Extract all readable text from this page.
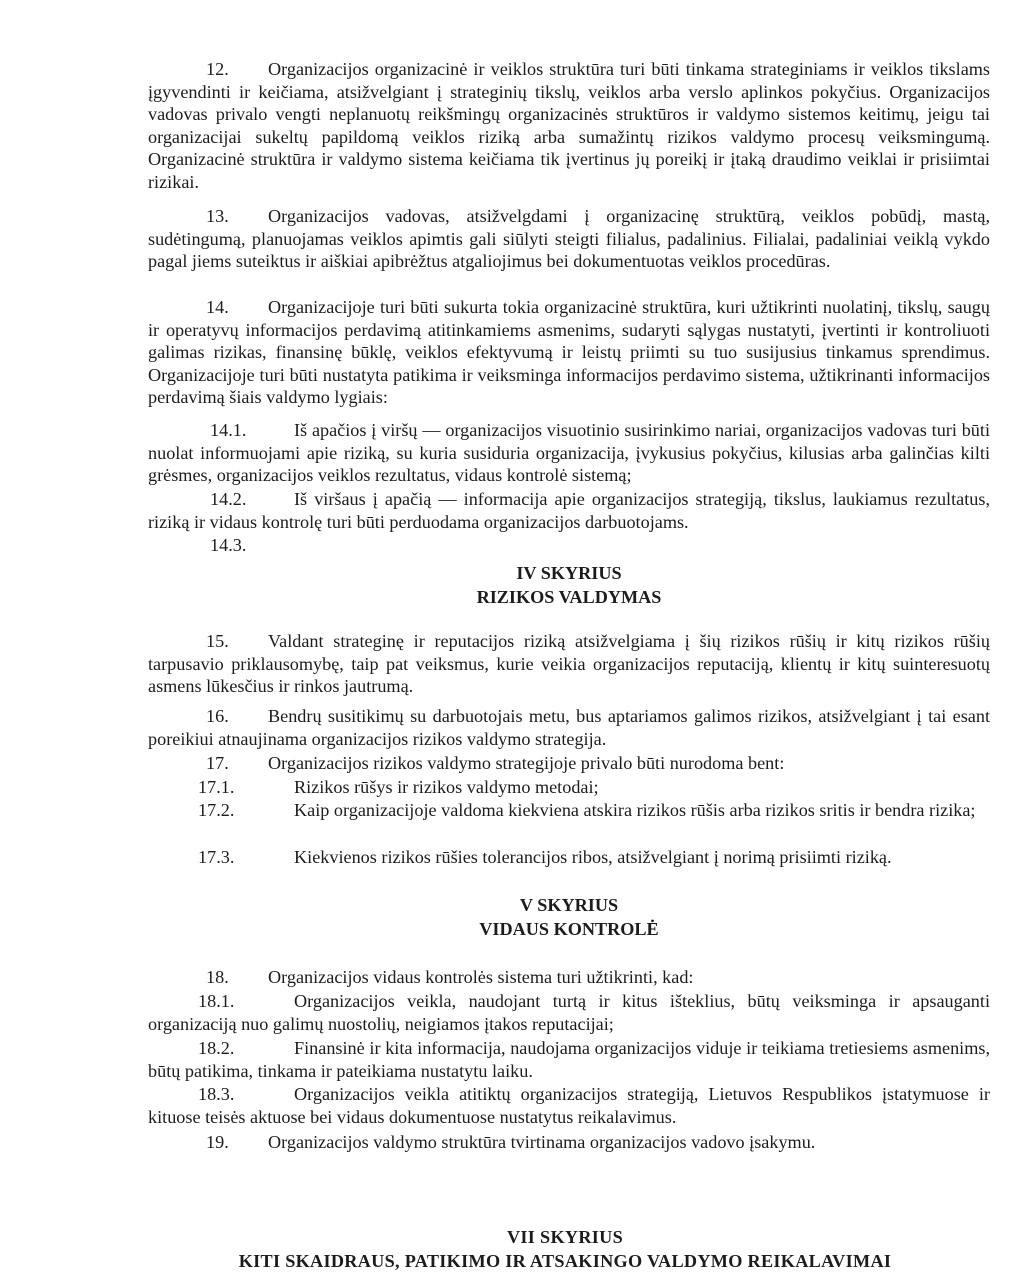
12. Organizacijos organizacinė ir veiklos struktūra turi būti tinkama strateginiams ir veiklos tikslams įgyvendinti ir keičiama, atsižvelgiant į strateginių tikslų, veiklos arba verslo aplinkos pokyčius. Organizacijos vadovas privalo vengti neplanuotų reikšmingų organizacinės struktūros ir valdymo sistemos keitimų, jeigu tai organizacijai sukeltų papildomą veiklos riziką arba sumažintų rizikos valdymo procesų veiksmingumą. Organizacinė struktūra ir valdymo sistema keičiama tik įvertinus jų poreikį ir įtaką draudimo veiklai ir prisiimtai rizikai.

13. Organizacijos vadovas, atsižvelgdami į organizacinę struktūrą, veiklos pobūdį, mastą, sudėtingumą, planuojamas veiklos apimtis gali siūlyti steigti filialus, padalinius. Filialai, padaliniai veiklą vykdo pagal jiems suteiktus ir aiškiai apibrėžtus atgaliojimus bei dokumentuotas veiklos procedūras.

14. Organizacijoje turi būti sukurta tokia organizacinė struktūra, kuri užtikrinti nuolatinį, tikslų, saugų ir operatyvų informacijos perdavimą atitinkamiems asmenims, sudaryti sąlygas nustatyti, įvertinti ir kontroliuoti galimas rizikas, finansinę būklę, veiklos efektyvumą ir leistų priimti su tuo susijusius tinkamus sprendimus. Organizacijoje turi būti nustatyta patikima ir veiksminga informacijos perdavimo sistema, užtikrinanti informacijos perdavimą šiais valdymo lygiais:

14.1.	Iš apačios į viršų — organizacijos visuotinio susirinkimo nariai, organizacijos vadovas turi būti nuolat informuojami apie riziką, su kuria susiduria organizacija, įvykusius pokyčius, kilusias arba galinčias kilti grėsmes, organizacijos veiklos rezultatus, vidaus kontrolė sistemą;

14.2.	Iš viršaus į apačią — informacija apie organizacijos strategiją, tikslus, laukiamus rezultatus, riziką ir vidaus kontrolę turi būti perduodama organizacijos darbuotojams.

14.3.

IV SKYRIUS
RIZIKOS VALDYMAS

15. Valdant strateginę ir reputacijos riziką atsižvelgiama į šių rizikos rūšių ir kitų rizikos rūšių tarpusavio priklausomybę, taip pat veiksmus, kurie veikia organizacijos reputaciją, klientų ir kitų suinteresuotų asmens lūkesčius ir rinkos jautrumą.

16. Bendrų susitikimų su darbuotojais metu, bus aptariamos galimos rizikos, atsižvelgiant į tai esant poreikiui atnaujinama organizacijos rizikos valdymo strategija.

17. Organizacijos rizikos valdymo strategijoje privalo būti nurodoma bent:

17.1.	Rizikos rūšys ir rizikos valdymo metodai;

17.2.	Kaip organizacijoje valdoma kiekviena atskira rizikos rūšis arba rizikos sritis ir bendra rizika;

17.3.	Kiekvienos rizikos rūšies tolerancijos ribos, atsižvelgiant į norimą prisiimti riziką.

V SKYRIUS
VIDAUS KONTROLĖ

18. Organizacijos vidaus kontrolės sistema turi užtikrinti, kad:

18.1.	Organizacijos veikla, naudojant turtą ir kitus išteklius, būtų veiksminga ir apsauganti organizaciją nuo galimų nuostolių, neigiamos įtakos reputacijai;

18.2.	Finansinė ir kita informacija, naudojama organizacijos viduje ir teikiama tretiesiems asmenims, būtų patikima, tinkama ir pateikiama nustatytu laiku.

18.3.	Organizacijos veikla atitiktų organizacijos strategiją, Lietuvos Respublikos įstatymuose ir kituose teisės aktuose bei vidaus dokumentuose nustatytus reikalavimus.

19. Organizacijos valdymo struktūra tvirtinama organizacijos vadovo įsakymu.

VII SKYRIUS
KITI SKAIDRAUS, PATIKIMO IR ATSAKINGO VALDYMO REIKALAVIMAI
